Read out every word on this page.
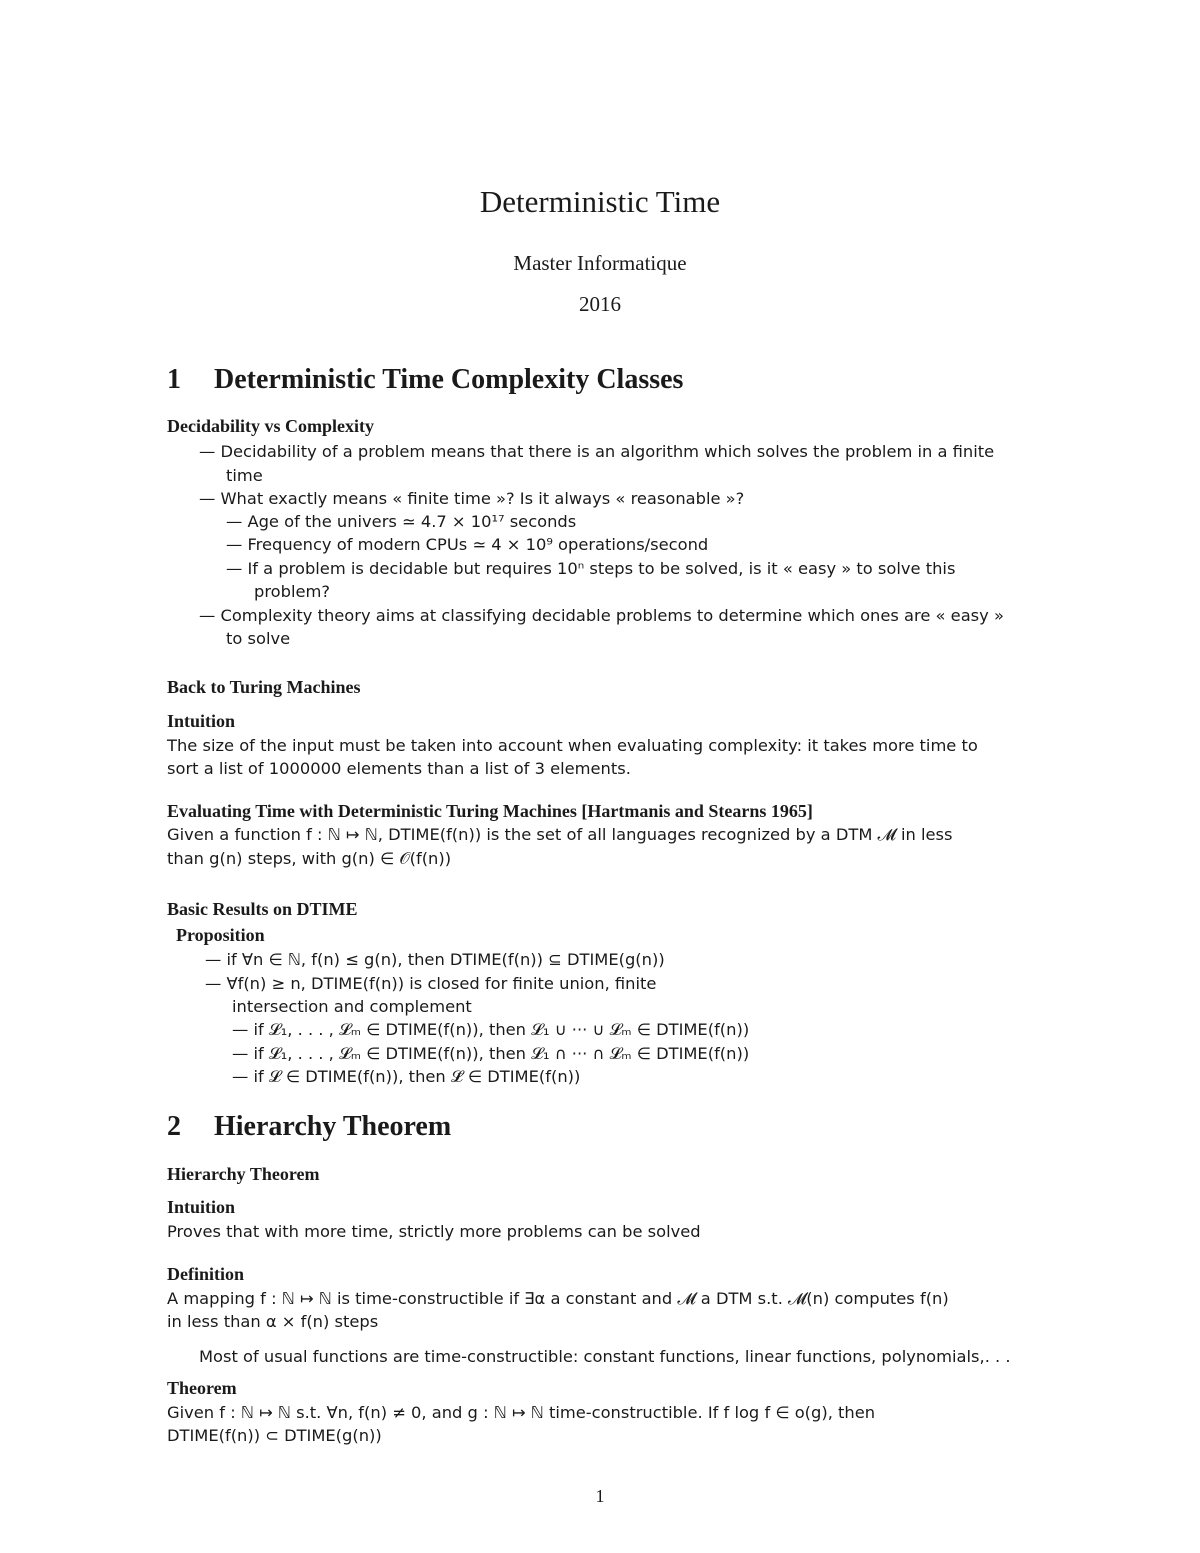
Deterministic Time
Master Informatique
2016
1 Deterministic Time Complexity Classes
Decidability vs Complexity
— Decidability of a problem means that there is an algorithm which solves the problem in a finite
time
— What exactly means « finite time »? Is it always « reasonable »?
— Age of the univers ≃ 4.7 × 10¹⁷ seconds
— Frequency of modern CPUs ≃ 4 × 10⁹ operations/second
— If a problem is decidable but requires 10ⁿ steps to be solved, is it « easy » to solve this
problem?
— Complexity theory aims at classifying decidable problems to determine which ones are « easy »
to solve
Back to Turing Machines
Intuition
The size of the input must be taken into account when evaluating complexity: it takes more time to
sort a list of 1000000 elements than a list of 3 elements.
Evaluating Time with Deterministic Turing Machines [Hartmanis and Stearns 1965]
Given a function f : ℕ ↦ ℕ, DTIME(f(n)) is the set of all languages recognized by a DTM 𝓜 in less
than g(n) steps, with g(n) ∈ 𝒪(f(n))
Basic Results on DTIME
Proposition
— if ∀n ∈ ℕ, f(n) ≤ g(n), then DTIME(f(n)) ⊆ DTIME(g(n))
— ∀f(n) ≥ n, DTIME(f(n)) is closed for finite union, finite
intersection and complement
— if 𝓛₁, . . . , 𝓛ₘ ∈ DTIME(f(n)), then 𝓛₁ ∪ ··· ∪ 𝓛ₘ ∈ DTIME(f(n))
— if 𝓛₁, . . . , 𝓛ₘ ∈ DTIME(f(n)), then 𝓛₁ ∩ ··· ∩ 𝓛ₘ ∈ DTIME(f(n))
— if 𝓛 ∈ DTIME(f(n)), then 𝓛̄ ∈ DTIME(f(n))
2 Hierarchy Theorem
Hierarchy Theorem
Intuition
Proves that with more time, strictly more problems can be solved
Definition
A mapping f : ℕ ↦ ℕ is time-constructible if ∃α a constant and 𝓜 a DTM s.t. 𝓜(n) computes f(n)
in less than α × f(n) steps
Most of usual functions are time-constructible: constant functions, linear functions, polynomials,. . .
Theorem
Given f : ℕ ↦ ℕ s.t. ∀n, f(n) ≠ 0, and g : ℕ ↦ ℕ time-constructible. If f log f ∈ o(g), then
DTIME(f(n)) ⊂ DTIME(g(n))
1
